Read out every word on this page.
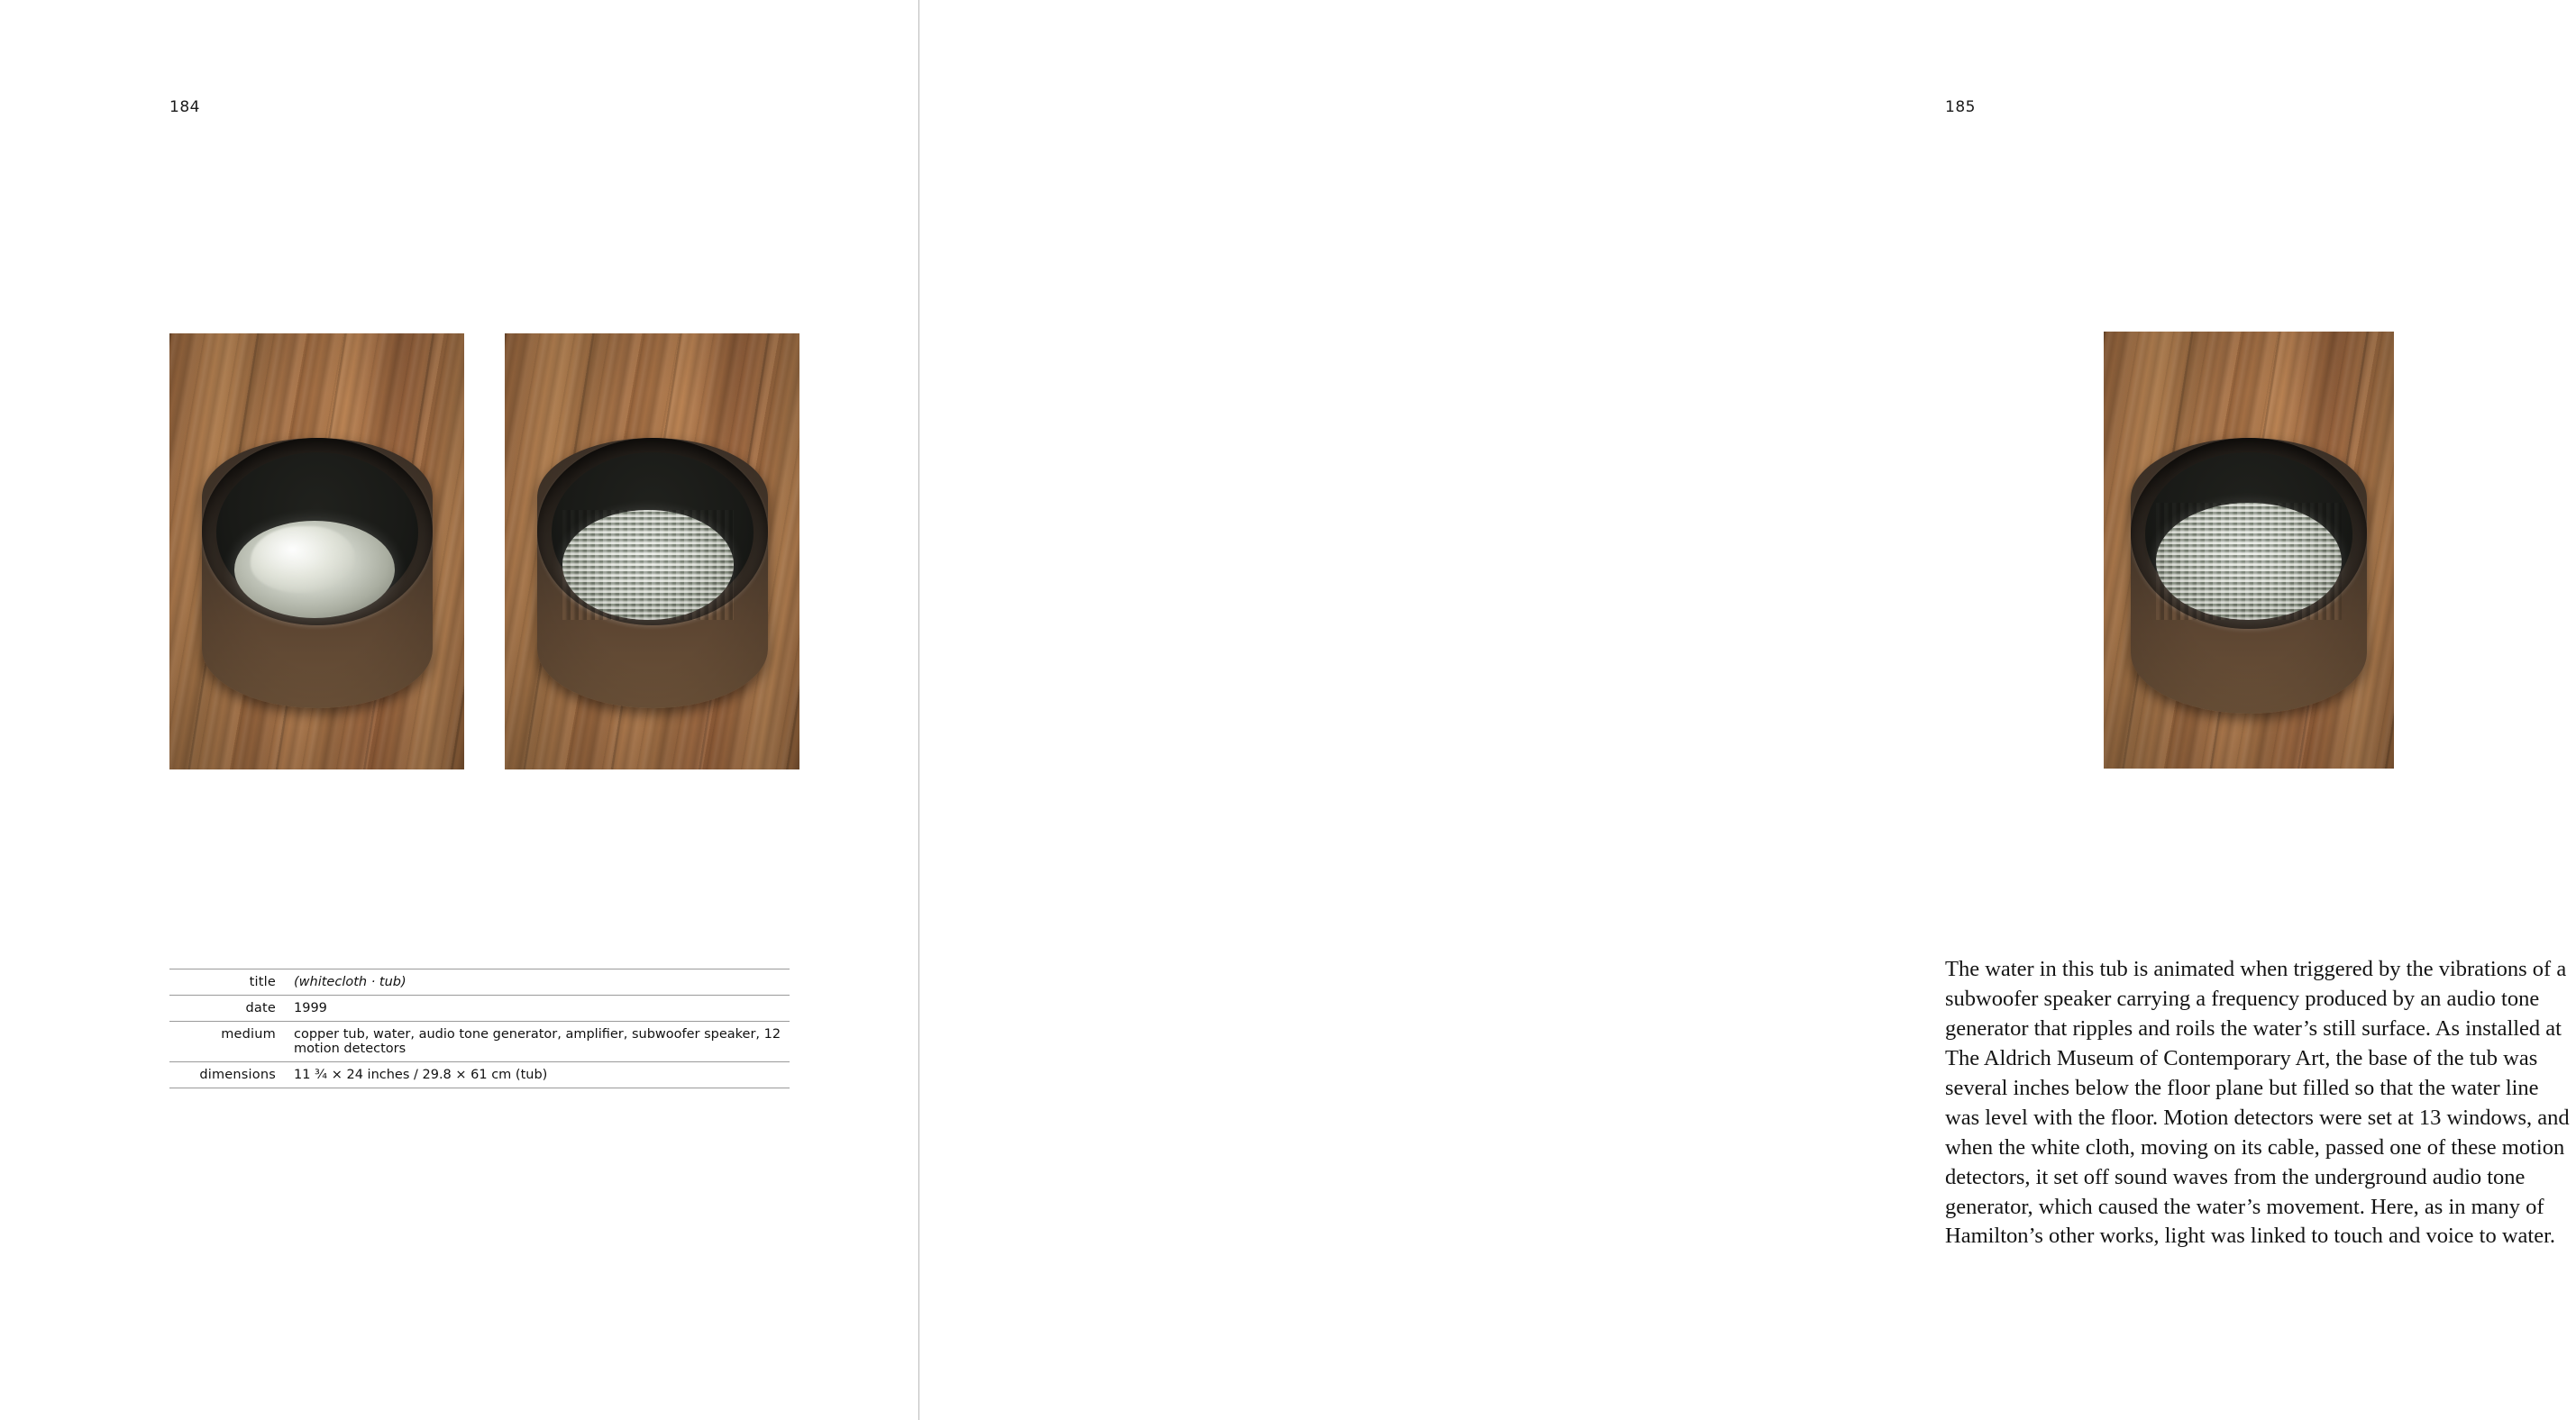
184
title	(whitecloth · tub)
date	1999
medium	copper tub, water, audio tone generator, amplifier, subwoofer speaker, 12 motion detectors
dimensions	11 ¾ × 24 inches / 29.8 × 61 cm (tub)
185
The water in this tub is animated when triggered by the vibrations of a subwoofer speaker carrying a frequency produced by an audio tone generator that ripples and roils the water’s still surface. As installed at The Aldrich Museum of Contemporary Art, the base of the tub was several inches below the floor plane but filled so that the water line was level with the floor. Motion detectors were set at 13 windows, and when the white cloth, moving on its cable, passed one of these motion detectors, it set off sound waves from the underground audio tone generator, which caused the water’s movement. Here, as in many of Hamilton’s other works, light was linked to touch and voice to water.
